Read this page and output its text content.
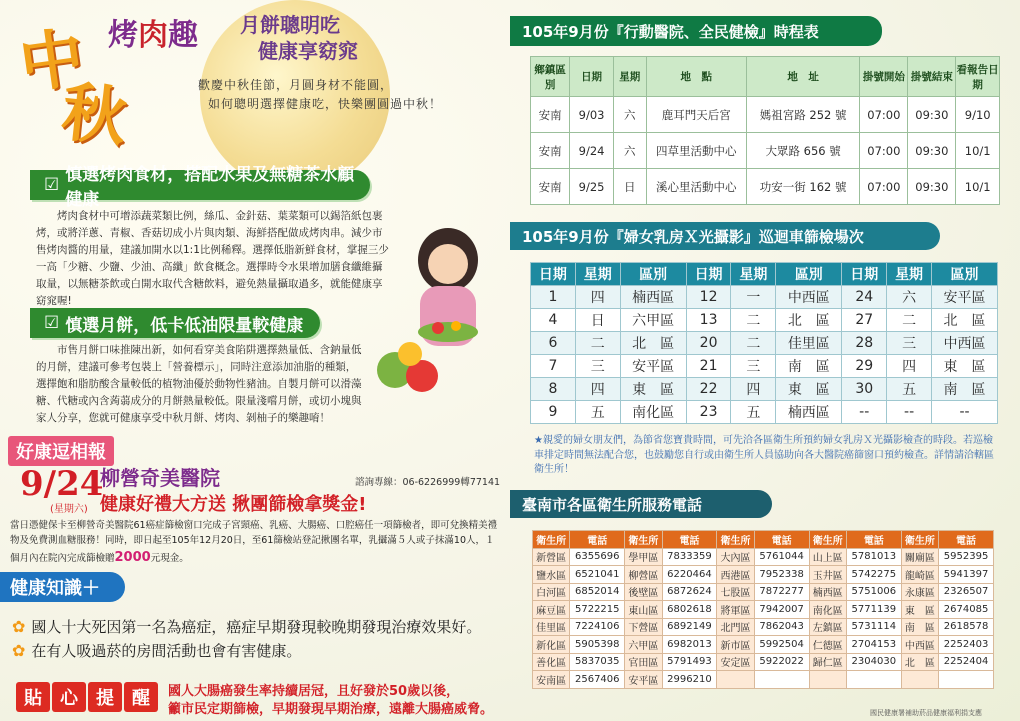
中
秋
烤肉趣 月餅聰明吃
健康享窈窕
歡慶中秋佳節，月圓身材不能圓，
如何聰明選擇健康吃，快樂團圓過中秋！
☑ 慎選烤肉食材，搭配水果及無糖茶水顧健康
烤肉食材中可增添蔬菜類比例，絲瓜、金針菇、葉菜類可以錫箔紙包裹烤，或將洋蔥、青椒、香菇切成小片與肉類、海鮮搭配做成烤肉串。減少市售烤肉醬的用量，建議加開水以1:1比例稀釋。選擇低脂新鮮食材，掌握三少一高「少糖、少鹽、少油、高纖」飲食概念。選擇時令水果增加膳食纖維攝取量，以無糖茶飲或白開水取代含糖飲料，避免熱量攝取過多，就能健康享窈窕喔!
☑ 慎選月餅，低卡低油限量較健康
市售月餅口味推陳出新，如何看穿美食陷阱選擇熱量低、含鈉量低的月餅，建議可參考包裝上「營養標示」，同時注意添加油脂的種類，選擇飽和脂肪酸含量較低的植物油優於動物性豬油。自製月餅可以滑藻糖、代糖或內含蒟蒻成分的月餅熱量較低。限量淺嚐月餅，或切小塊與家人分享，您就可健康享受中秋月餅、烤肉、剝柚子的樂趣唷！
好康逗相報
9/24
(星期六)
柳營奇美醫院	諮詢專線：06-6226999轉77141
健康好禮大方送 揪團篩檢拿獎金!
當日憑健保卡至柳營奇美醫院61癌症篩檢窗口完成子宮頸癌、乳癌、大腸癌、口腔癌任一項篩檢者，即可兌換精美禮物及免費測血糖服務！同時，即日起至105年12月20日，至61篩檢站登記揪團名單，乳攝滿５人或子抹滿10人，１個月內在院內完成篩檢贈2000元現金。
健康知識＋
✿ 國人十大死因第一名為癌症，癌症早期發現較晚期發現治療效果好。
✿ 在有人吸過菸的房間活動也會有害健康。
貼	心	提	醒	國人大腸癌發生率持續居冠，且好發於50歲以後，
籲市民定期篩檢，早期發現早期治療，遠離大腸癌威脅。
105年9月份『行動醫院、全民健檢』時程表
鄉鎮區別	日期	星期	地　點	地　址	掛號開始	掛號結束	看報告日期
安南	9/03	六	鹿耳門天后宮	媽祖宮路 252 號	07:00	09:30	9/10
安南	9/24	六	四草里活動中心	大眾路 656 號	07:00	09:30	10/1
安南	9/25	日	溪心里活動中心	功安一街 162 號	07:00	09:30	10/1
105年9月份『婦女乳房Ｘ光攝影』巡迴車篩檢場次
日期	星期	區別	日期	星期	區別	日期	星期	區別
1	四	楠西區	12	一	中西區	24	六	安平區
4	日	六甲區	13	二	北　區	27	二	北　區
6	二	北　區	20	二	佳里區	28	三	中西區
7	三	安平區	21	三	南　區	29	四	東　區
8	四	東　區	22	四	東　區	30	五	南　區
9	五	南化區	23	五	楠西區	--	--	--
★親愛的婦女朋友們，為節省您寶貴時間，可先洽各區衛生所預約婦女乳房Ｘ光攝影檢查的時段。若巡檢車排定時間無法配合您，也鼓勵您自行或由衛生所人員協助向各大醫院癌篩窗口預約檢查。詳情請洽轄區衛生所！
臺南市各區衛生所服務電話
衛生所	電話	衛生所	電話	衛生所	電話	衛生所	電話	衛生所	電話
新營區	6355696	學甲區	7833359	大內區	5761044	山上區	5781013	關廟區	5952395
鹽水區	6521041	柳營區	6220464	西港區	7952338	玉井區	5742275	龍崎區	5941397
白河區	6852014	後壁區	6872624	七股區	7872277	楠西區	5751006	永康區	2326507
麻豆區	5722215	東山區	6802618	將軍區	7942007	南化區	5771139	東　區	2674085
佳里區	7224106	下營區	6892149	北門區	7862043	左鎮區	5731114	南　區	2618578
新化區	5905398	六甲區	6982013	新市區	5992504	仁德區	2704153	中西區	2252403
善化區	5837035	官田區	5791493	安定區	5922022	歸仁區	2304030	北　區	2252404
安南區	2567406	安平區	2996210						
國民健康署補助菸品健康福利捐支應
